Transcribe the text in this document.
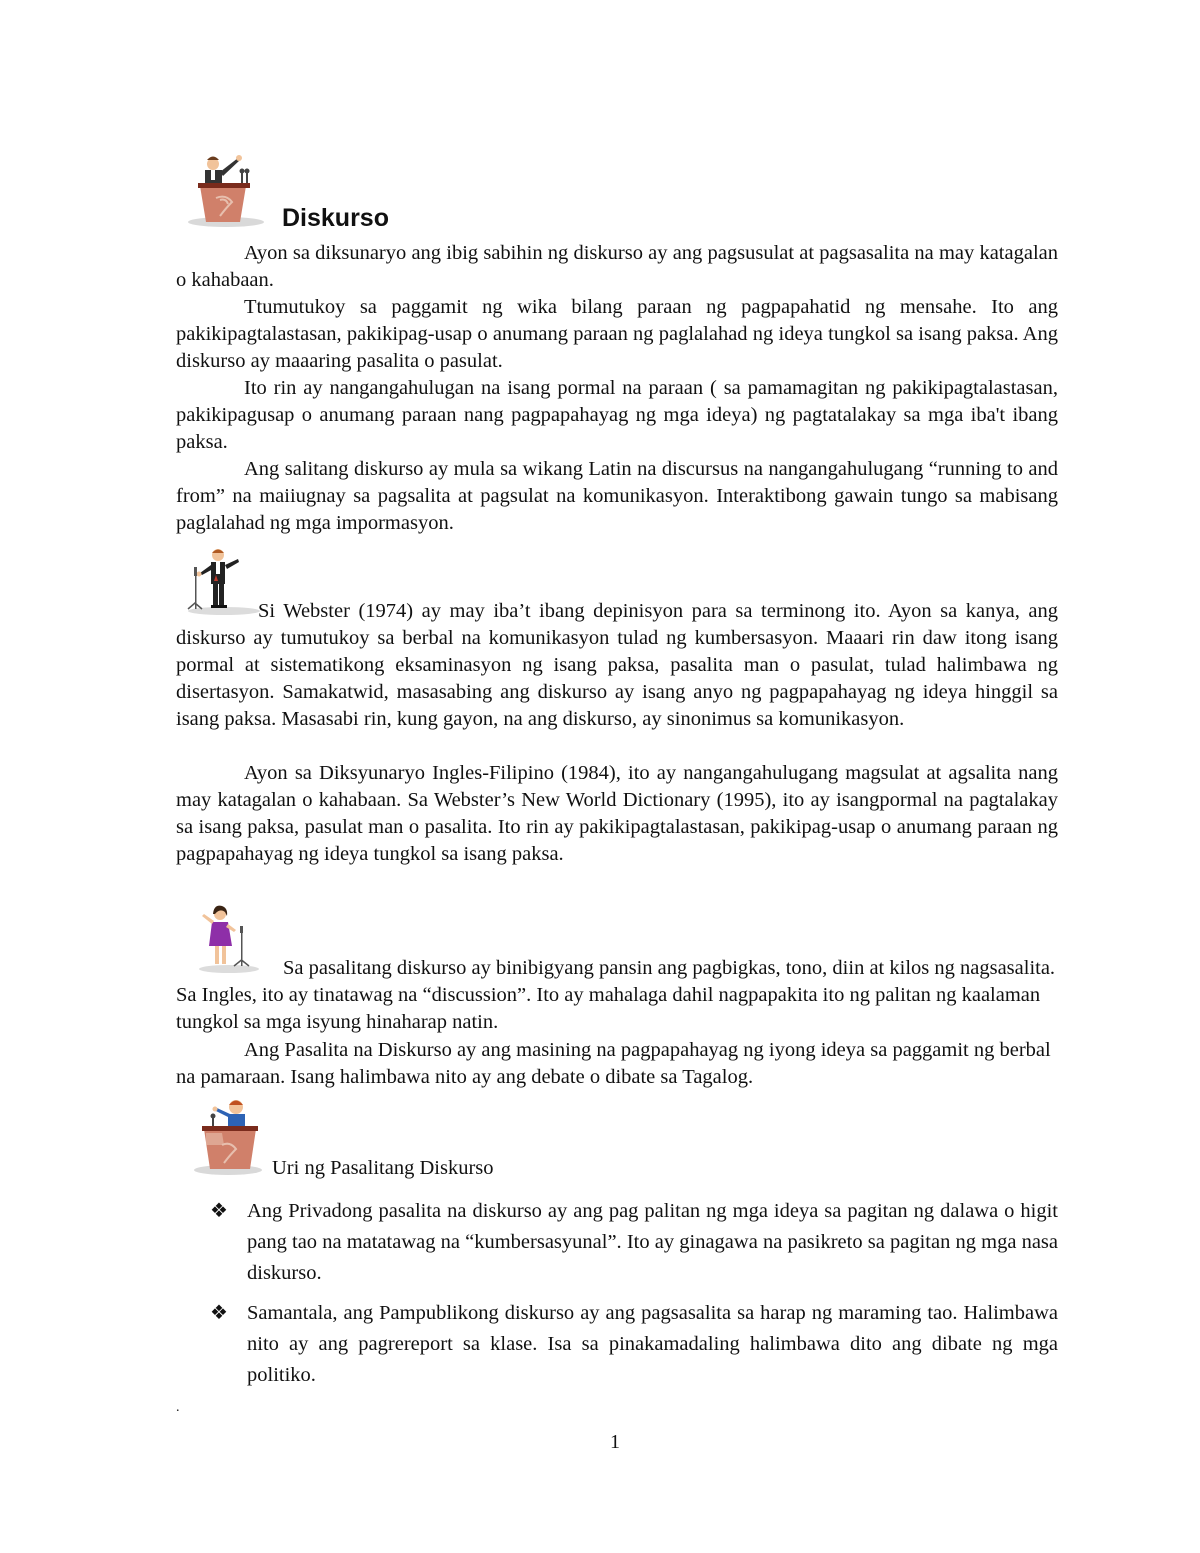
Diskurso

Ayon sa diksunaryo ang ibig sabihin ng diskurso ay ang pagsusulat at pagsasalita na may katagalan o kahabaan.

Ttumutukoy sa paggamit ng wika bilang paraan ng pagpapahatid ng mensahe. Ito ang pakikipagtalastasan, pakikipag-usap o anumang paraan ng paglalahad ng ideya tungkol sa isang paksa. Ang diskurso ay maaaring pasalita o pasulat.

Ito rin ay nangangahulugan na isang pormal na paraan ( sa pamamagitan ng pakikipagtalastasan, pakikipagusap o anumang paraan nang pagpapahayag ng mga ideya) ng pagtatalakay sa mga iba't ibang paksa.

Ang salitang diskurso ay mula sa wikang Latin na discursus na nangangahulugang “running to and from” na maiiugnay sa pagsalita at pagsulat na komunikasyon. Interaktibong gawain tungo sa mabisang paglalahad ng mga impormasyon.

Si Webster (1974) ay may iba’t ibang depinisyon para sa terminong ito. Ayon sa kanya, ang diskurso ay tumutukoy sa berbal na komunikasyon tulad ng kumbersasyon. Maaari rin daw itong isang pormal at sistematikong eksaminasyon ng isang paksa, pasalita man o pasulat, tulad halimbawa ng disertasyon. Samakatwid, masasabing ang diskurso ay isang anyo ng pagpapahayag ng ideya hinggil sa isang paksa. Masasabi rin, kung gayon, na ang diskurso, ay sinonimus sa komunikasyon.

Ayon sa Diksyunaryo Ingles-Filipino (1984), ito ay nangangahulugang magsulat at agsalita nang may katagalan o kahabaan. Sa Webster’s New World Dictionary (1995), ito ay isangpormal na pagtalakay sa isang paksa, pasulat man o pasalita. Ito rin ay pakikipagtalastasan, pakikipag-usap o anumang paraan ng pagpapahayag ng ideya tungkol sa isang paksa.

Sa pasalitang diskurso ay binibigyang pansin ang pagbigkas, tono, diin at kilos ng nagsasalita. Sa Ingles, ito ay tinatawag na “discussion”. Ito ay mahalaga dahil nagpapakita ito ng palitan ng kaalaman tungkol sa mga isyung hinaharap natin.

Ang Pasalita na Diskurso ay ang masining na pagpapahayag ng iyong ideya sa paggamit ng berbal na pamaraan. Isang halimbawa nito ay ang debate o dibate sa Tagalog.

Uri ng Pasalitang Diskurso
❖ Ang Privadong pasalita na diskurso ay ang pag palitan ng mga ideya sa pagitan ng dalawa o higit pang tao na matatawag na “kumbersasyunal”. Ito ay ginagawa na pasikreto sa pagitan ng mga nasa diskurso.

❖ Samantala, ang Pampublikong diskurso ay ang pagsasalita sa harap ng maraming tao. Halimbawa nito ay ang pagrereport sa klase. Isa sa pinakamadaling halimbawa dito ang dibate ng mga politiko.

.
1
